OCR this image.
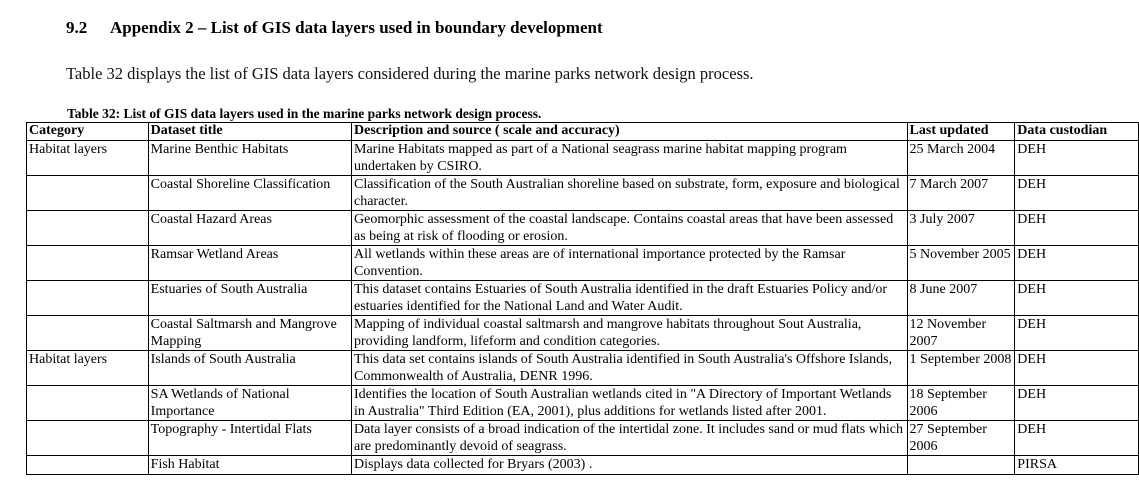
9.2 Appendix 2 – List of GIS data layers used in boundary development
Table 32 displays the list of GIS data layers considered during the marine parks network design process.
Table 32: List of GIS data layers used in the marine parks network design process.
Category	Dataset title	Description and source ( scale and accuracy)	Last updated	Data custodian
Habitat layers	Marine Benthic Habitats	Marine Habitats mapped as part of a National seagrass marine habitat mapping program undertaken by CSIRO.	25 March 2004	DEH
	Coastal Shoreline Classification	Classification of the South Australian shoreline based on substrate, form, exposure and biological character.	7 March 2007	DEH
	Coastal Hazard Areas	Geomorphic assessment of the coastal landscape. Contains coastal areas that have been assessed as being at risk of flooding or erosion.	3 July 2007	DEH
	Ramsar Wetland Areas	All wetlands within these areas are of international importance protected by the Ramsar Convention.	5 November 2005	DEH
	Estuaries of South Australia	This dataset contains Estuaries of South Australia identified in the draft Estuaries Policy and/or estuaries identified for the National Land and Water Audit.	8 June 2007	DEH
	Coastal Saltmarsh and Mangrove Mapping	Mapping of individual coastal saltmarsh and mangrove habitats throughout Sout Australia, providing landform, lifeform and condition categories.	12 November 2007	DEH
Habitat layers	Islands of South Australia	This data set contains islands of South Australia identified in South Australia's Offshore Islands, Commonwealth of Australia, DENR 1996.	1 September 2008	DEH
	SA Wetlands of National Importance	Identifies the location of South Australian wetlands cited in "A Directory of Important Wetlands in Australia" Third Edition (EA, 2001), plus additions for wetlands listed after 2001.	18 September 2006	DEH
	Topography - Intertidal Flats	Data layer consists of a broad indication of the intertidal zone. It includes sand or mud flats which are predominantly devoid of seagrass.	27 September 2006	DEH
	Fish Habitat	Displays data collected for Bryars (2003) .		PIRSA
